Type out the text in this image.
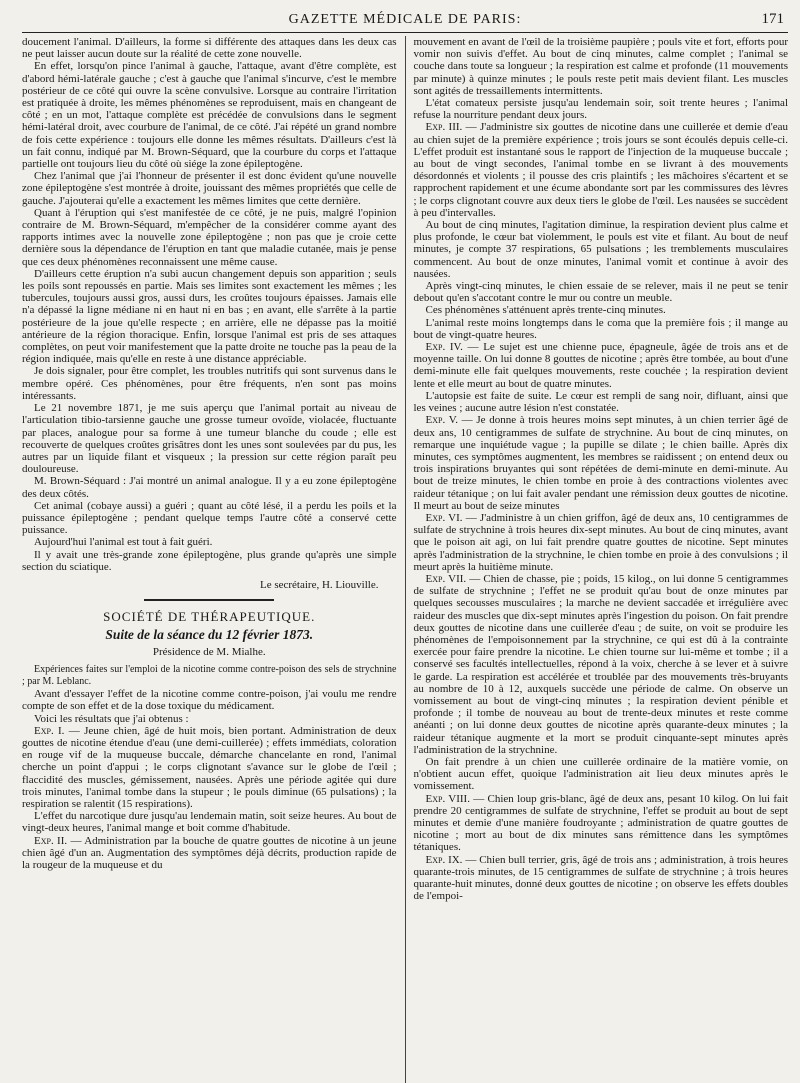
GAZETTE MÉDICALE DE PARIS:	171

doucement l'animal. D'ailleurs, la forme si différente des attaques dans les deux cas ne peut laisser aucun doute sur la réalité de cette zone nouvelle.

En effet, lorsqu'on pince l'animal à gauche, l'attaque, avant d'être complète, est d'abord hémi-latérale gauche ; c'est à gauche que l'animal s'incurve, c'est le membre postérieur de ce côté qui ouvre la scène convulsive. Lorsque au contraire l'irritation est pratiquée à droite, les mêmes phénomènes se reproduisent, mais en changeant de côté ; en un mot, l'attaque complète est précédée de convulsions dans le segment hémi-latéral droit, avec courbure de l'animal, de ce côté. J'ai répété un grand nombre de fois cette expérience : toujours elle donne les mêmes résultats. D'ailleurs c'est là un fait connu, indiqué par M. Brown-Séquard, que la courbure du corps et l'attaque partielle ont toujours lieu du côté où siége la zone épileptogène.

Chez l'animal que j'ai l'honneur de présenter il est donc évident qu'une nouvelle zone épileptogène s'est montrée à droite, jouissant des mêmes propriétés que celle de gauche. J'ajouterai qu'elle a exactement les mêmes limites que cette dernière.

Quant à l'éruption qui s'est manifestée de ce côté, je ne puis, malgré l'opinion contraire de M. Brown-Séquard, m'empêcher de la considérer comme ayant des rapports intimes avec la nouvelle zone épileptogène ; non pas que je croie cette dernière sous la dépendance de l'éruption en tant que maladie cutanée, mais je pense que ces deux phénomènes reconnaissent une même cause.

D'ailleurs cette éruption n'a subi aucun changement depuis son apparition ; seuls les poils sont repoussés en partie. Mais ses limites sont exactement les mêmes ; les tubercules, toujours aussi gros, aussi durs, les croûtes toujours épaisses. Jamais elle n'a dépassé la ligne médiane ni en haut ni en bas ; en avant, elle s'arrête à la partie postérieure de la joue qu'elle respecte ; en arrière, elle ne dépasse pas la moitié antérieure de la région thoracique. Enfin, lorsque l'animal est pris de ses attaques complètes, on peut voir manifestement que la patte droite ne touche pas la peau de la région indiquée, mais qu'elle en reste à une distance appréciable.

Je dois signaler, pour être complet, les troubles nutritifs qui sont survenus dans le membre opéré. Ces phénomènes, pour être fréquents, n'en sont pas moins intéressants.

Le 21 novembre 1871, je me suis aperçu que l'animal portait au niveau de l'articulation tibio-tarsienne gauche une grosse tumeur ovoïde, violacée, fluctuante par places, analogue pour sa forme à une tumeur blanche du coude ; elle est recouverte de quelques croûtes grisâtres dont les unes sont soulevées par du pus, les autres par un liquide filant et visqueux ; la pression sur cette région paraît peu douloureuse.

M. Brown-Séquard : J'ai montré un animal analogue. Il y a eu zone épileptogène des deux côtés.

Cet animal (cobaye aussi) a guéri ; quant au côté lésé, il a perdu les poils et la puissance épileptogène ; pendant quelque temps l'autre côté a conservé cette puissance.

Aujourd'hui l'animal est tout à fait guéri.

Il y avait une très-grande zone épileptogène, plus grande qu'après une simple section du sciatique.

Le secrétaire, H. Liouville.
SOCIÉTÉ DE THÉRAPEUTIQUE.
Suite de la séance du 12 février 1873.
Présidence de M. Mialhe.

Expériences faites sur l'emploi de la nicotine comme contre-poison des sels de strychnine ; par M. Leblanc.

Avant d'essayer l'effet de la nicotine comme contre-poison, j'ai voulu me rendre compte de son effet et de la dose toxique du médicament.

Voici les résultats que j'ai obtenus :

Exp. I. — Jeune chien, âgé de huit mois, bien portant. Administration de deux gouttes de nicotine étendue d'eau (une demi-cuillerée) ; effets immédiats, coloration en rouge vif de la muqueuse buccale, démarche chancelante en rond, l'animal cherche un point d'appui ; le corps clignotant s'avance sur le globe de l'œil ; flaccidité des muscles, gémissement, nausées. Après une période agitée qui dure trois minutes, l'animal tombe dans la stupeur ; le pouls diminue (65 pulsations) ; la respiration se ralentit (15 respirations).

L'effet du narcotique dure jusqu'au lendemain matin, soit seize heures. Au bout de vingt-deux heures, l'animal mange et boit comme d'habitude.

Exp. II. — Administration par la bouche de quatre gouttes de nicotine à un jeune chien âgé d'un an. Augmentation des symptômes déjà décrits, production rapide de la rougeur de la muqueuse et du

mouvement en avant de l'œil de la troisième paupière ; pouls vite et fort, efforts pour vomir non suivis d'effet. Au bout de cinq minutes, calme complet ; l'animal se couche dans toute sa longueur ; la respiration est calme et profonde (11 mouvements par minute) à quinze minutes ; le pouls reste petit mais devient filant. Les muscles sont agités de tressaillements intermittents.

L'état comateux persiste jusqu'au lendemain soir, soit trente heures ; l'animal refuse la nourriture pendant deux jours.

Exp. III. — J'administre six gouttes de nicotine dans une cuillerée et demie d'eau au chien sujet de la première expérience ; trois jours se sont écoulés depuis celle-ci. L'effet produit est instantané sous le rapport de l'injection de la muqueuse buccale ; au bout de vingt secondes, l'animal tombe en se livrant à des mouvements désordonnés et violents ; il pousse des cris plaintifs ; les mâchoires s'écartent et se rapprochent rapidement et une écume abondante sort par les commissures des lèvres ; le corps clignotant couvre aux deux tiers le globe de l'œil. Les nausées se succèdent à peu d'intervalles.

Au bout de cinq minutes, l'agitation diminue, la respiration devient plus calme et plus profonde, le cœur bat violemment, le pouls est vite et filant. Au bout de neuf minutes, je compte 37 respirations, 65 pulsations ; les tremblements musculaires commencent. Au bout de onze minutes, l'animal vomit et continue à avoir des nausées.

Après vingt-cinq minutes, le chien essaie de se relever, mais il ne peut se tenir debout qu'en s'accotant contre le mur ou contre un meuble.

Ces phénomènes s'atténuent après trente-cinq minutes.

L'animal reste moins longtemps dans le coma que la première fois ; il mange au bout de vingt-quatre heures.

Exp. IV. — Le sujet est une chienne puce, épagneule, âgée de trois ans et de moyenne taille. On lui donne 8 gouttes de nicotine ; après être tombée, au bout d'une demi-minute elle fait quelques mouvements, reste couchée ; la respiration devient lente et elle meurt au bout de quatre minutes.

L'autopsie est faite de suite. Le cœur est rempli de sang noir, difluant, ainsi que les veines ; aucune autre lésion n'est constatée.

Exp. V. — Je donne à trois heures moins sept minutes, à un chien terrier âgé de deux ans, 10 centigrammes de sulfate de strychnine. Au bout de cinq minutes, on remarque une inquiétude vague ; la pupille se dilate ; le chien baille. Après dix minutes, ces symptômes augmentent, les membres se raidissent ; on entend deux ou trois inspirations bruyantes qui sont répétées de demi-minute en demi-minute. Au bout de treize minutes, le chien tombe en proie à des contractions violentes avec raideur tétanique ; on lui fait avaler pendant une rémission deux gouttes de nicotine. Il meurt au bout de seize minutes

Exp. VI. — J'administre à un chien griffon, âgé de deux ans, 10 centigrammes de sulfate de strychnine à trois heures dix-sept minutes. Au bout de cinq minutes, avant que le poison ait agi, on lui fait prendre quatre gouttes de nicotine. Sept minutes après l'administration de la strychnine, le chien tombe en proie à des convulsions ; il meurt après la huitième minute.

Exp. VII. — Chien de chasse, pie ; poids, 15 kilog., on lui donne 5 centigrammes de sulfate de strychnine ; l'effet ne se produit qu'au bout de onze minutes par quelques secousses musculaires ; la marche ne devient saccadée et irrégulière avec raideur des muscles que dix-sept minutes après l'ingestion du poison. On fait prendre deux gouttes de nicotine dans une cuillerée d'eau ; de suite, on voit se produire les phénomènes de l'empoisonnement par la strychnine, ce qui est dû à la contrainte exercée pour faire prendre la nicotine. Le chien tourne sur lui-même et tombe ; il a conservé ses facultés intellectuelles, répond à la voix, cherche à se lever et à suivre le garde. La respiration est accélérée et troublée par des mouvements très-bruyants au nombre de 10 à 12, auxquels succède une période de calme. On observe un vomissement au bout de vingt-cinq minutes ; la respiration devient pénible et profonde ; il tombe de nouveau au bout de trente-deux minutes et reste comme anéanti ; on lui donne deux gouttes de nicotine après quarante-deux minutes ; la raideur tétanique augmente et la mort se produit cinquante-sept minutes après l'administration de la strychnine.

On fait prendre à un chien une cuillerée ordinaire de la matière vomie, on n'obtient aucun effet, quoique l'administration ait lieu deux minutes après le vomissement.

Exp. VIII. — Chien loup gris-blanc, âgé de deux ans, pesant 10 kilog. On lui fait prendre 20 centigrammes de sulfate de strychnine, l'effet se produit au bout de sept minutes et demie d'une manière foudroyante ; administration de quatre gouttes de nicotine ; mort au bout de dix minutes sans rémittence dans les symptômes tétaniques.

Exp. IX. — Chien bull terrier, gris, âgé de trois ans ; administration, à trois heures quarante-trois minutes, de 15 centigrammes de sulfate de strychnine ; à trois heures quarante-huit minutes, donné deux gouttes de nicotine ; on observe les effets doubles de l'empoi-
